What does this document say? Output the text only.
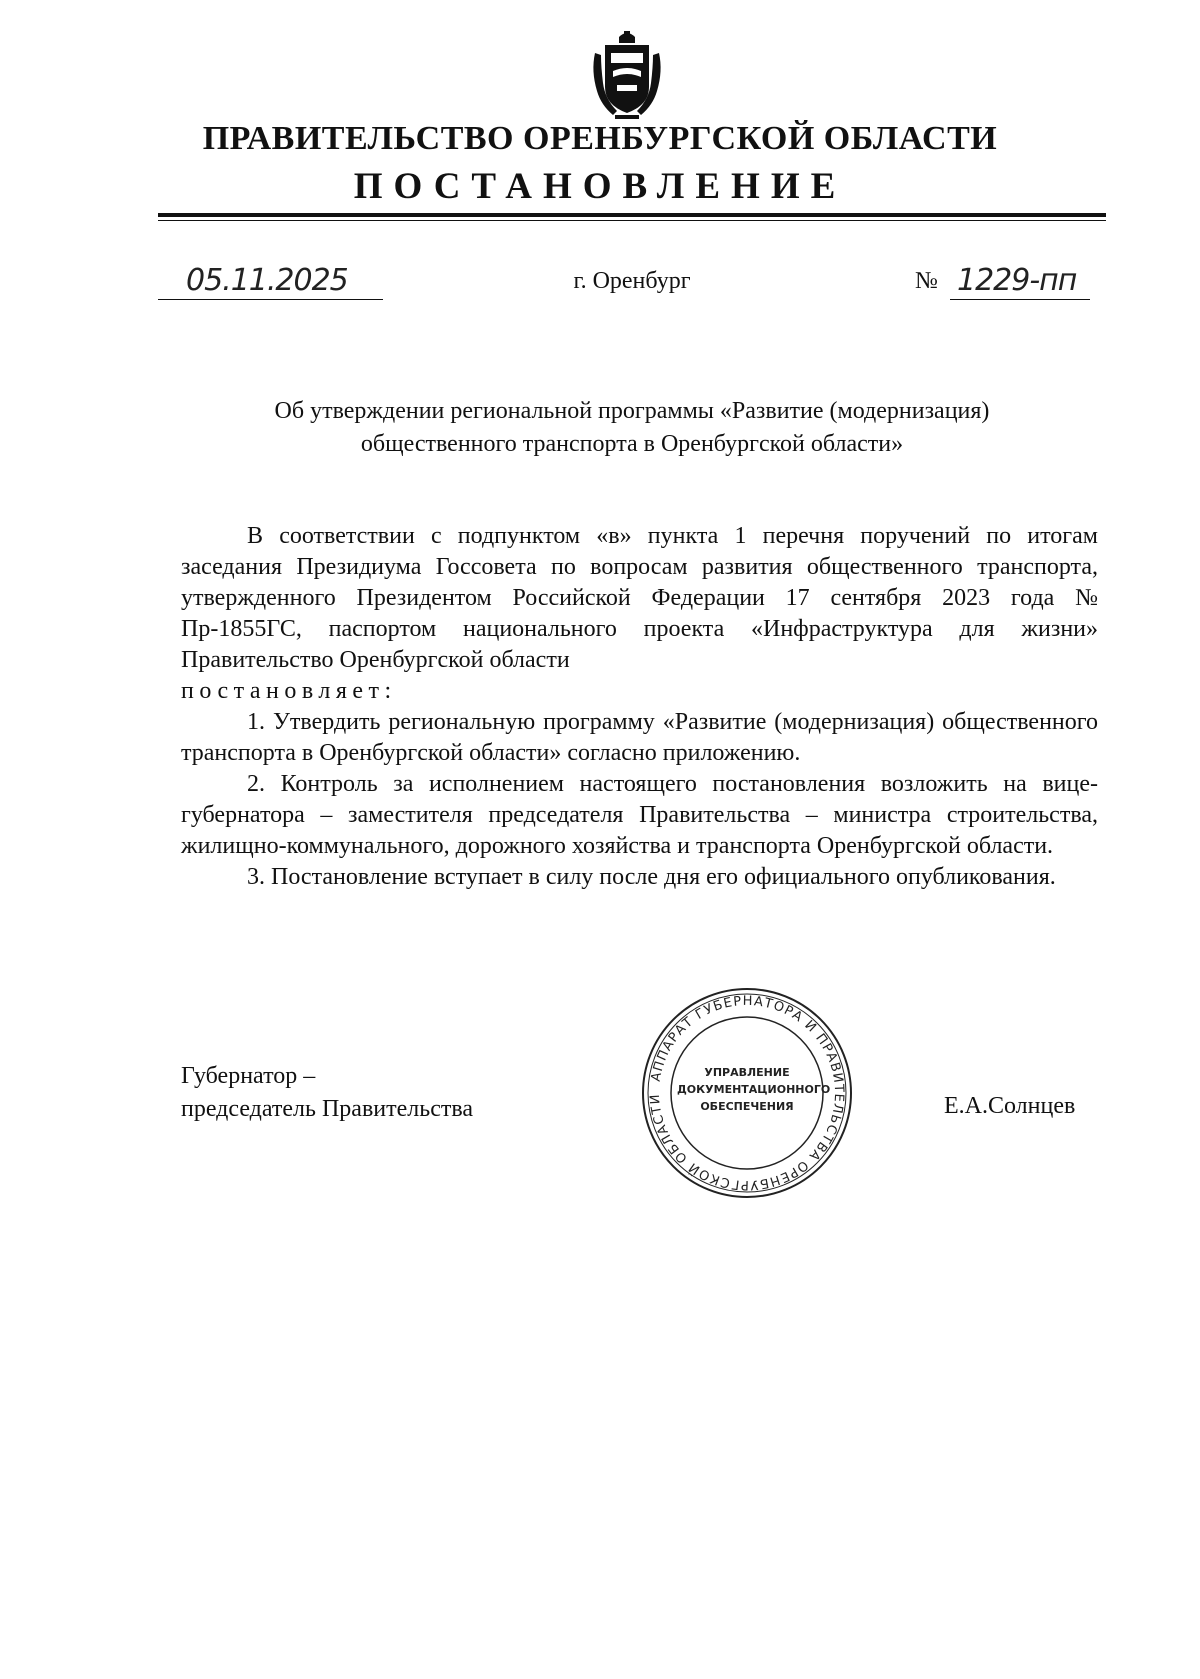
ПРАВИТЕЛЬСТВО ОРЕНБУРГСКОЙ ОБЛАСТИ
ПОСТАНОВЛЕНИЕ
05.11.2025	г. Оренбург	№ 1229-пп
Об утверждении региональной программы «Развитие (модернизация)
общественного транспорта в Оренбургской области»

В соответствии с подпунктом «в» пункта 1 перечня поручений по итогам заседания Президиума Госсовета по вопросам развития общественного транспорта, утвержденного Президентом Российской Федерации 17 сентября 2023 года № Пр-1855ГС, паспортом национального проекта «Инфраструктура для жизни» Правительство Оренбургской области

постановляет:

1. Утвердить региональную программу «Развитие (модернизация) общественного транспорта в Оренбургской области» согласно приложению.

2. Контроль за исполнением настоящего постановления возложить на вице-губернатора – заместителя председателя Правительства – министра строительства, жилищно-коммунального, дорожного хозяйства и транспорта Оренбургской области.

3. Постановление вступает в силу после дня его официального опубликования.

Губернатор –
председатель Правительства
АППАРАТ ГУБЕРНАТОРА И ПРАВИТЕЛЬСТВА ОРЕНБУРГСКОЙ ОБЛАСТИ
УПРАВЛЕНИЕ
ДОКУМЕНТАЦИОННОГО
ОБЕСПЕЧЕНИЯ	Е.А.Солнцев
